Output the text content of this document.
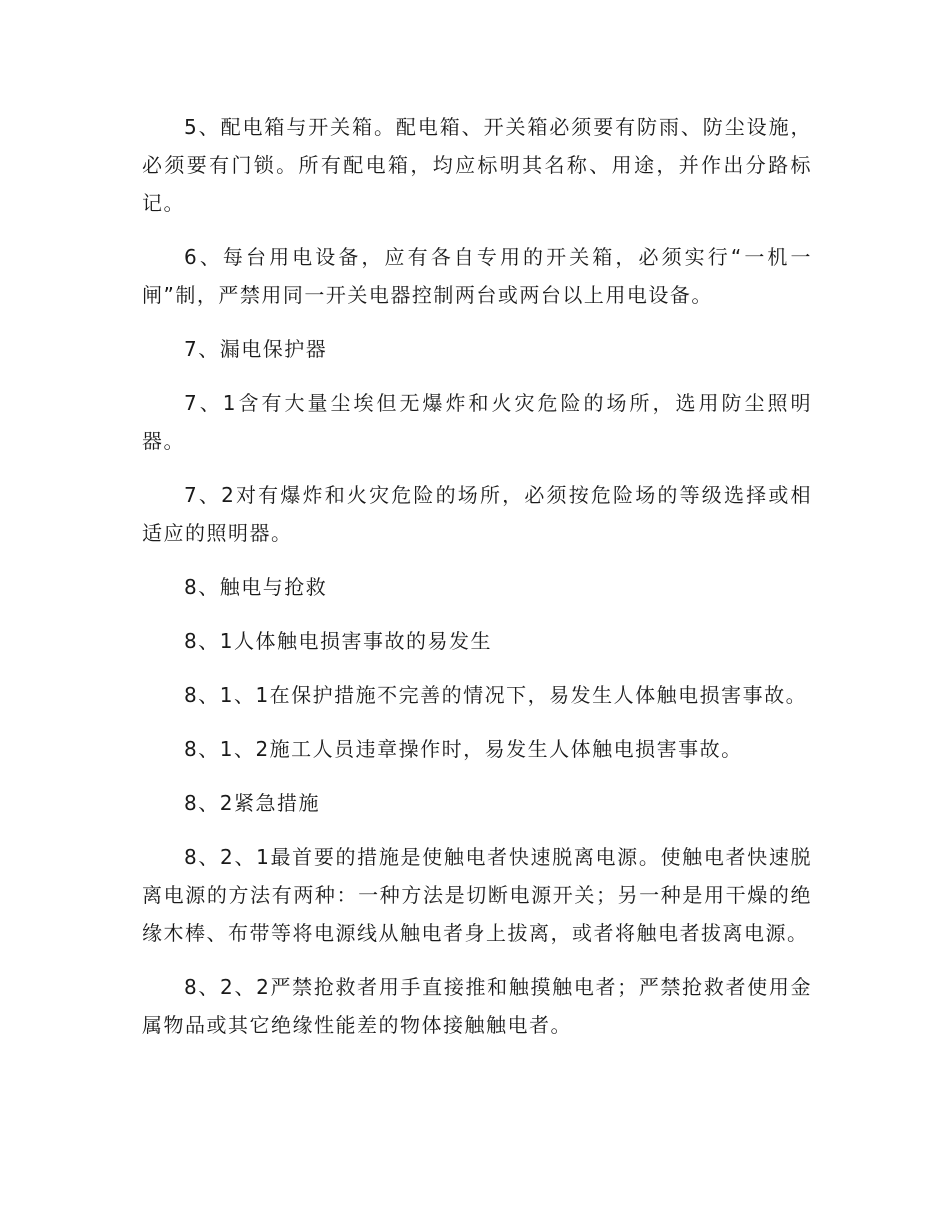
5、配电箱与开关箱。配电箱、开关箱必须要有防雨、防尘设施，必须要有门锁。所有配电箱，均应标明其名称、用途，并作出分路标记。

6、每台用电设备，应有各自专用的开关箱，必须实行“一机一闸”制，严禁用同一开关电器控制两台或两台以上用电设备。

7、漏电保护器

7、1含有大量尘埃但无爆炸和火灾危险的场所，选用防尘照明器。

7、2对有爆炸和火灾危险的场所，必须按危险场的等级选择或相适应的照明器。

8、触电与抢救

8、1人体触电损害事故的易发生

8、1、1在保护措施不完善的情况下，易发生人体触电损害事故。

8、1、2施工人员违章操作时，易发生人体触电损害事故。

8、2紧急措施

8、2、1最首要的措施是使触电者快速脱离电源。使触电者快速脱离电源的方法有两种：一种方法是切断电源开关；另一种是用干燥的绝缘木棒、布带等将电源线从触电者身上拔离，或者将触电者拔离电源。

8、2、2严禁抢救者用手直接推和触摸触电者；严禁抢救者使用金属物品或其它绝缘性能差的物体接触触电者。
